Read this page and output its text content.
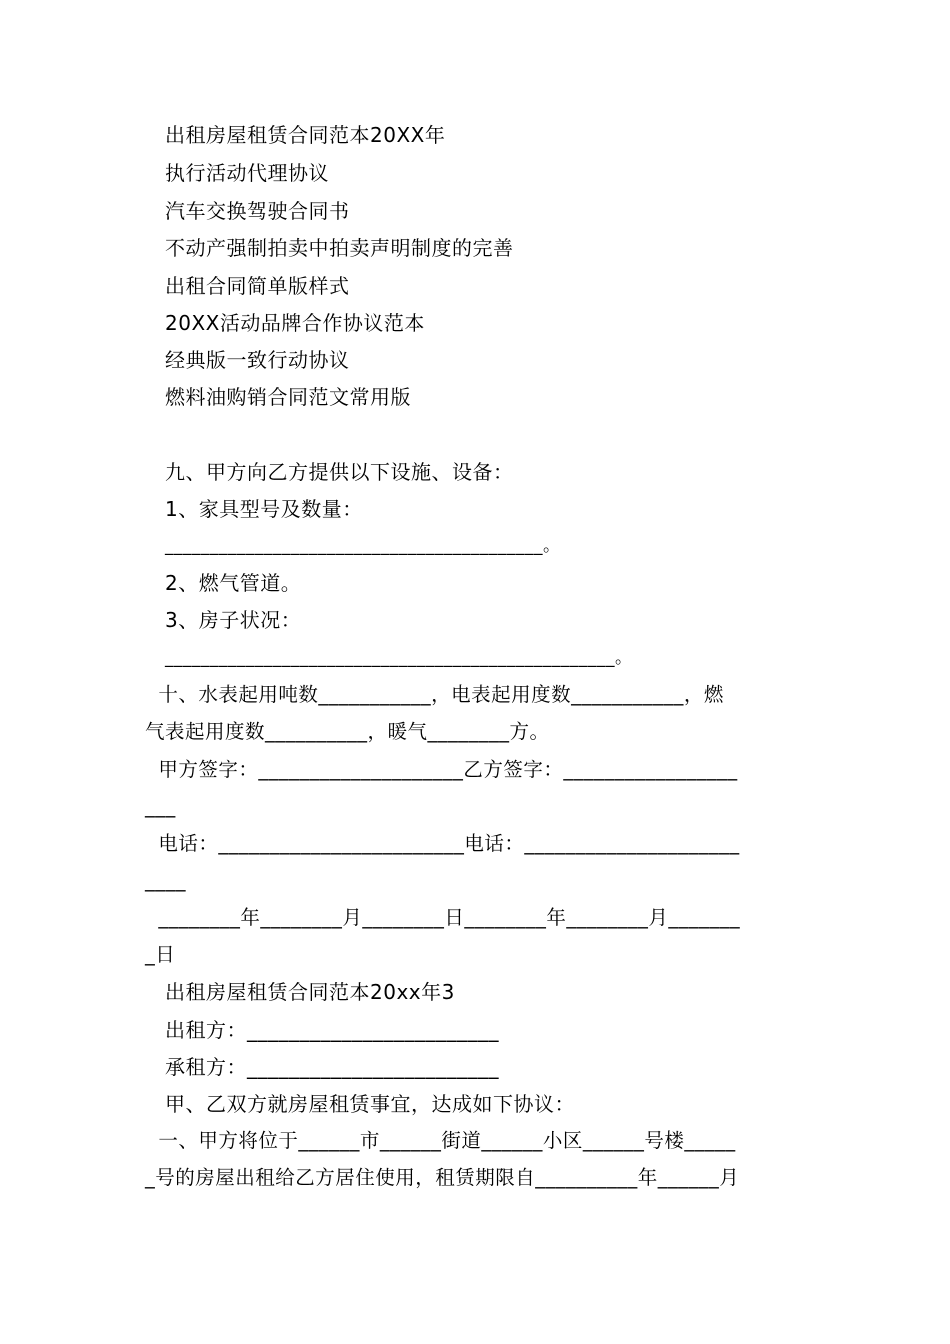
出租房屋租赁合同范本20XX年
执行活动代理协议
汽车交换驾驶合同书
不动产强制拍卖中拍卖声明制度的完善
出租合同简单版样式
20XX活动品牌合作协议范本
经典版一致行动协议
燃料油购销合同范文常用版
九、甲方向乙方提供以下设施、设备：
1、家具型号及数量：
__________________________________________。
2、燃气管道。
3、房子状况：
__________________________________________________。
十、水表起用吨数___________，电表起用度数___________，燃
气表起用度数__________，暖气________方。
甲方签字：____________________乙方签字：_________________
___
电话：________________________电话：_____________________
____
________年________月________日________年________月_______
_日
出租房屋租赁合同范本20xx年3
出租方：________________________
承租方：________________________
甲、乙双方就房屋租赁事宜，达成如下协议：
一、甲方将位于______市______街道______小区______号楼_____
_号的房屋出租给乙方居住使用，租赁期限自__________年______月
